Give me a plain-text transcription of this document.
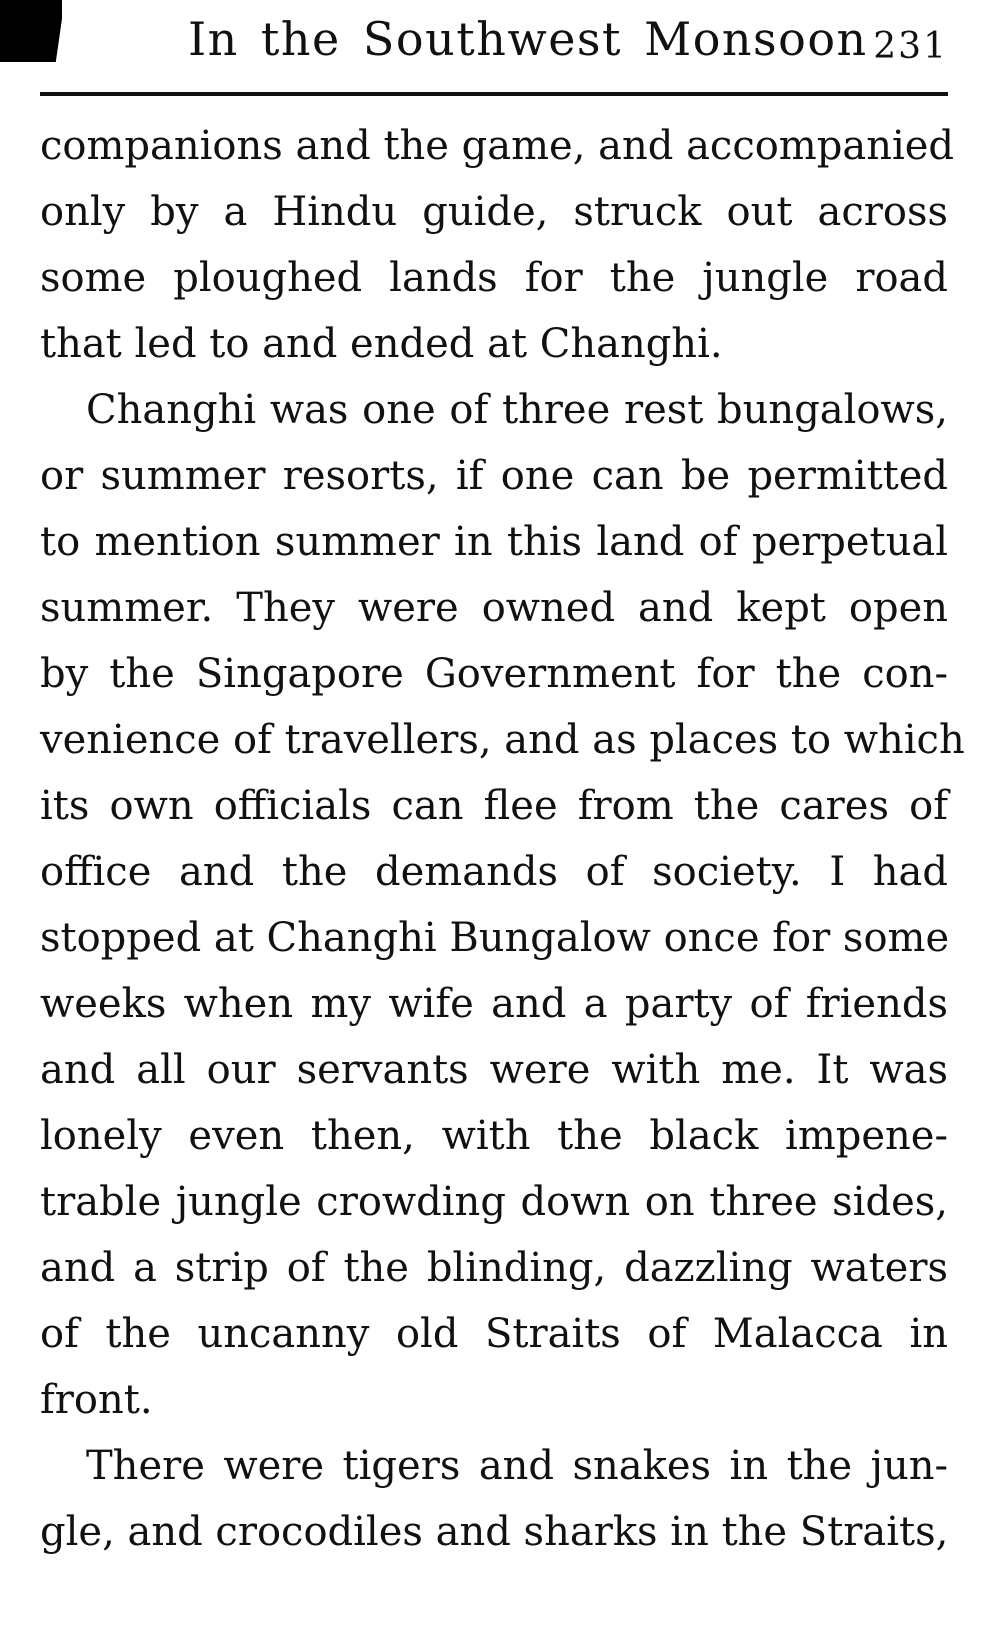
In the Southwest Monsoon 231
companions and the game, and accompanied
only by a Hindu guide, struck out across
some ploughed lands for the jungle road
that led to and ended at Changhi.
Changhi was one of three rest bungalows,
or summer resorts, if one can be permitted
to mention summer in this land of perpetual
summer. They were owned and kept open
by the Singapore Government for the con-
venience of travellers, and as places to which
its own officials can flee from the cares of
office and the demands of society. I had
stopped at Changhi Bungalow once for some
weeks when my wife and a party of friends
and all our servants were with me. It was
lonely even then, with the black impene-
trable jungle crowding down on three sides,
and a strip of the blinding, dazzling waters
of the uncanny old Straits of Malacca in
front.
There were tigers and snakes in the jun-
gle, and crocodiles and sharks in the Straits,
